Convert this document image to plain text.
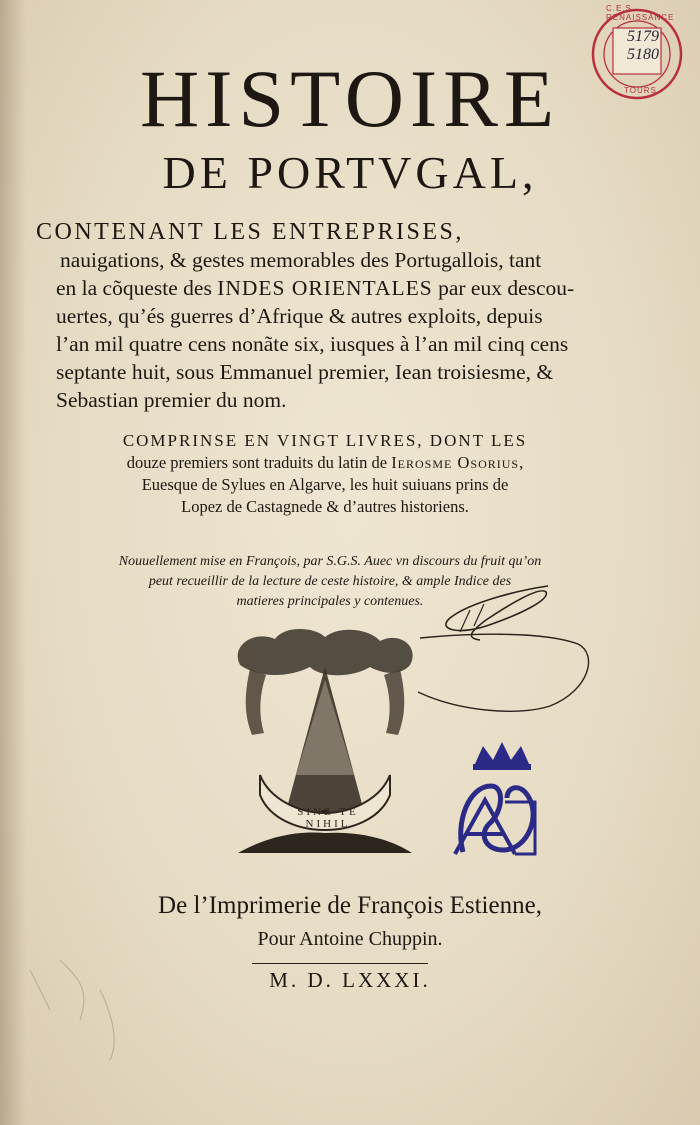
C.E.S. RENAISSANCE
TOURS
5179
5180
HISTOIRE
DE PORTVGAL,
CONTENANT LES ENTREPRISES,
nauigations, & gestes memorables des Portugallois, tant
en la cõqueste des INDES ORIENTALES par eux descou-
uertes, qu’és guerres d’Afrique & autres exploits, depuis
l’an mil quatre cens nonãte six, iusques à l’an mil cinq cens
septante huit, sous Emmanuel premier, Iean troisiesme, &
Sebastian premier du nom.
COMPRINSE EN VINGT LIVRES, DONT LES
douze premiers sont traduits du latin de Ierosme Osorius,
Euesque de Sylues en Algarve, les huit suiuans prins de
Lopez de Castagnede & d’autres historiens.
Nouuellement mise en François, par S.G.S. Auec vn discours du fruit qu’on
peut recueillir de la lecture de ceste histoire, & ample Indice des
matieres principales y contenues.
SINE TE NIHIL
De l’Imprimerie de François Estienne,
Pour Antoine Chuppin.
M. D. LXXXI.
